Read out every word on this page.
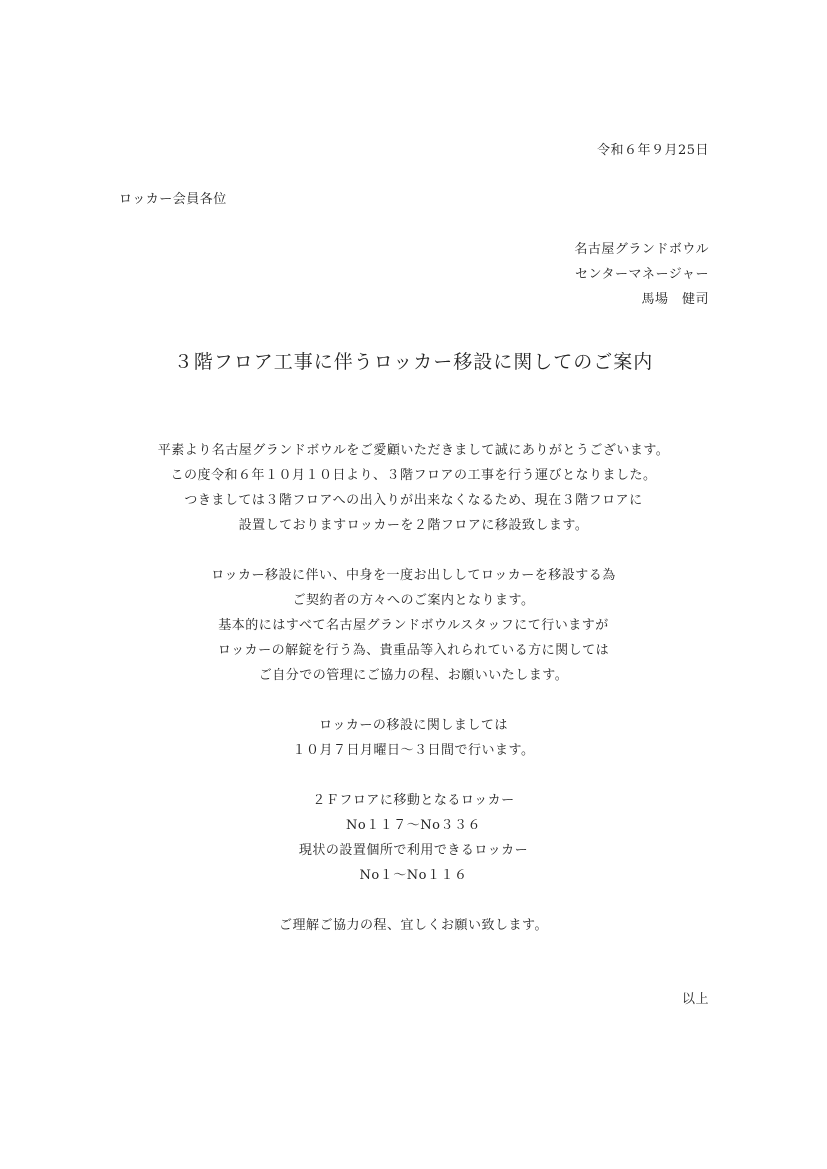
令和６年９月25日
ロッカー会員各位
名古屋グランドボウル
センターマネージャー
馬場　健司
３階フロア工事に伴うロッカー移設に関してのご案内
平素より名古屋グランドボウルをご愛顧いただきまして誠にありがとうございます。
この度令和６年１０月１０日より、３階フロアの工事を行う運びとなりました。
つきましては３階フロアへの出入りが出来なくなるため、現在３階フロアに
設置しておりますロッカーを２階フロアに移設致します。
ロッカー移設に伴い、中身を一度お出ししてロッカーを移設する為
ご契約者の方々へのご案内となります。
基本的にはすべて名古屋グランドボウルスタッフにて行いますが
ロッカーの解錠を行う為、貴重品等入れられている方に関しては
ご自分での管理にご協力の程、お願いいたします。
ロッカーの移設に関しましては
１０月７日月曜日～３日間で行います。
２Ｆフロアに移動となるロッカー
No１１７～No３３６
現状の設置個所で利用できるロッカー
No１～No１１６
ご理解ご協力の程、宜しくお願い致します。
以上
